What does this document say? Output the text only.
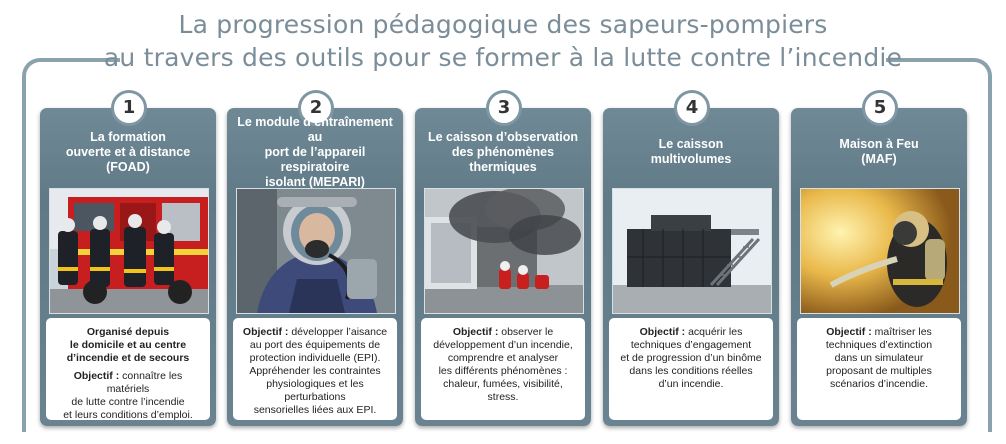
La progression pédagogique des sapeurs-pompiers
au travers des outils pour se former à la lutte contre l’incendie
1
La formation
ouverte et à distance
(FOAD)
Organisé depuis
le domicile et au centre
d’incendie et de secours
Objectif : connaître les matériels
de lutte contre l’incendie
et leurs conditions d’emploi.
2
Le module d’entraînement au
port de l’appareil respiratoire
isolant (MEPARI)
Objectif : développer l’aisance
au port des équipements de
protection individuelle (EPI).
Appréhender les contraintes
physiologiques et les perturbations
sensorielles liées aux EPI.
3
Le caisson d’observation
des phénomènes
thermiques
Objectif : observer le
développement d’un incendie,
comprendre et analyser
les différents phénomènes :
chaleur, fumées, visibilité,
stress.
4
Le caisson
multivolumes
Objectif : acquérir les
techniques d’engagement
et de progression d’un binôme
dans les conditions réelles
d’un incendie.
5
Maison à Feu
(MAF)
Objectif : maîtriser les
techniques d’extinction
dans un simulateur
proposant de multiples
scénarios d’incendie.
